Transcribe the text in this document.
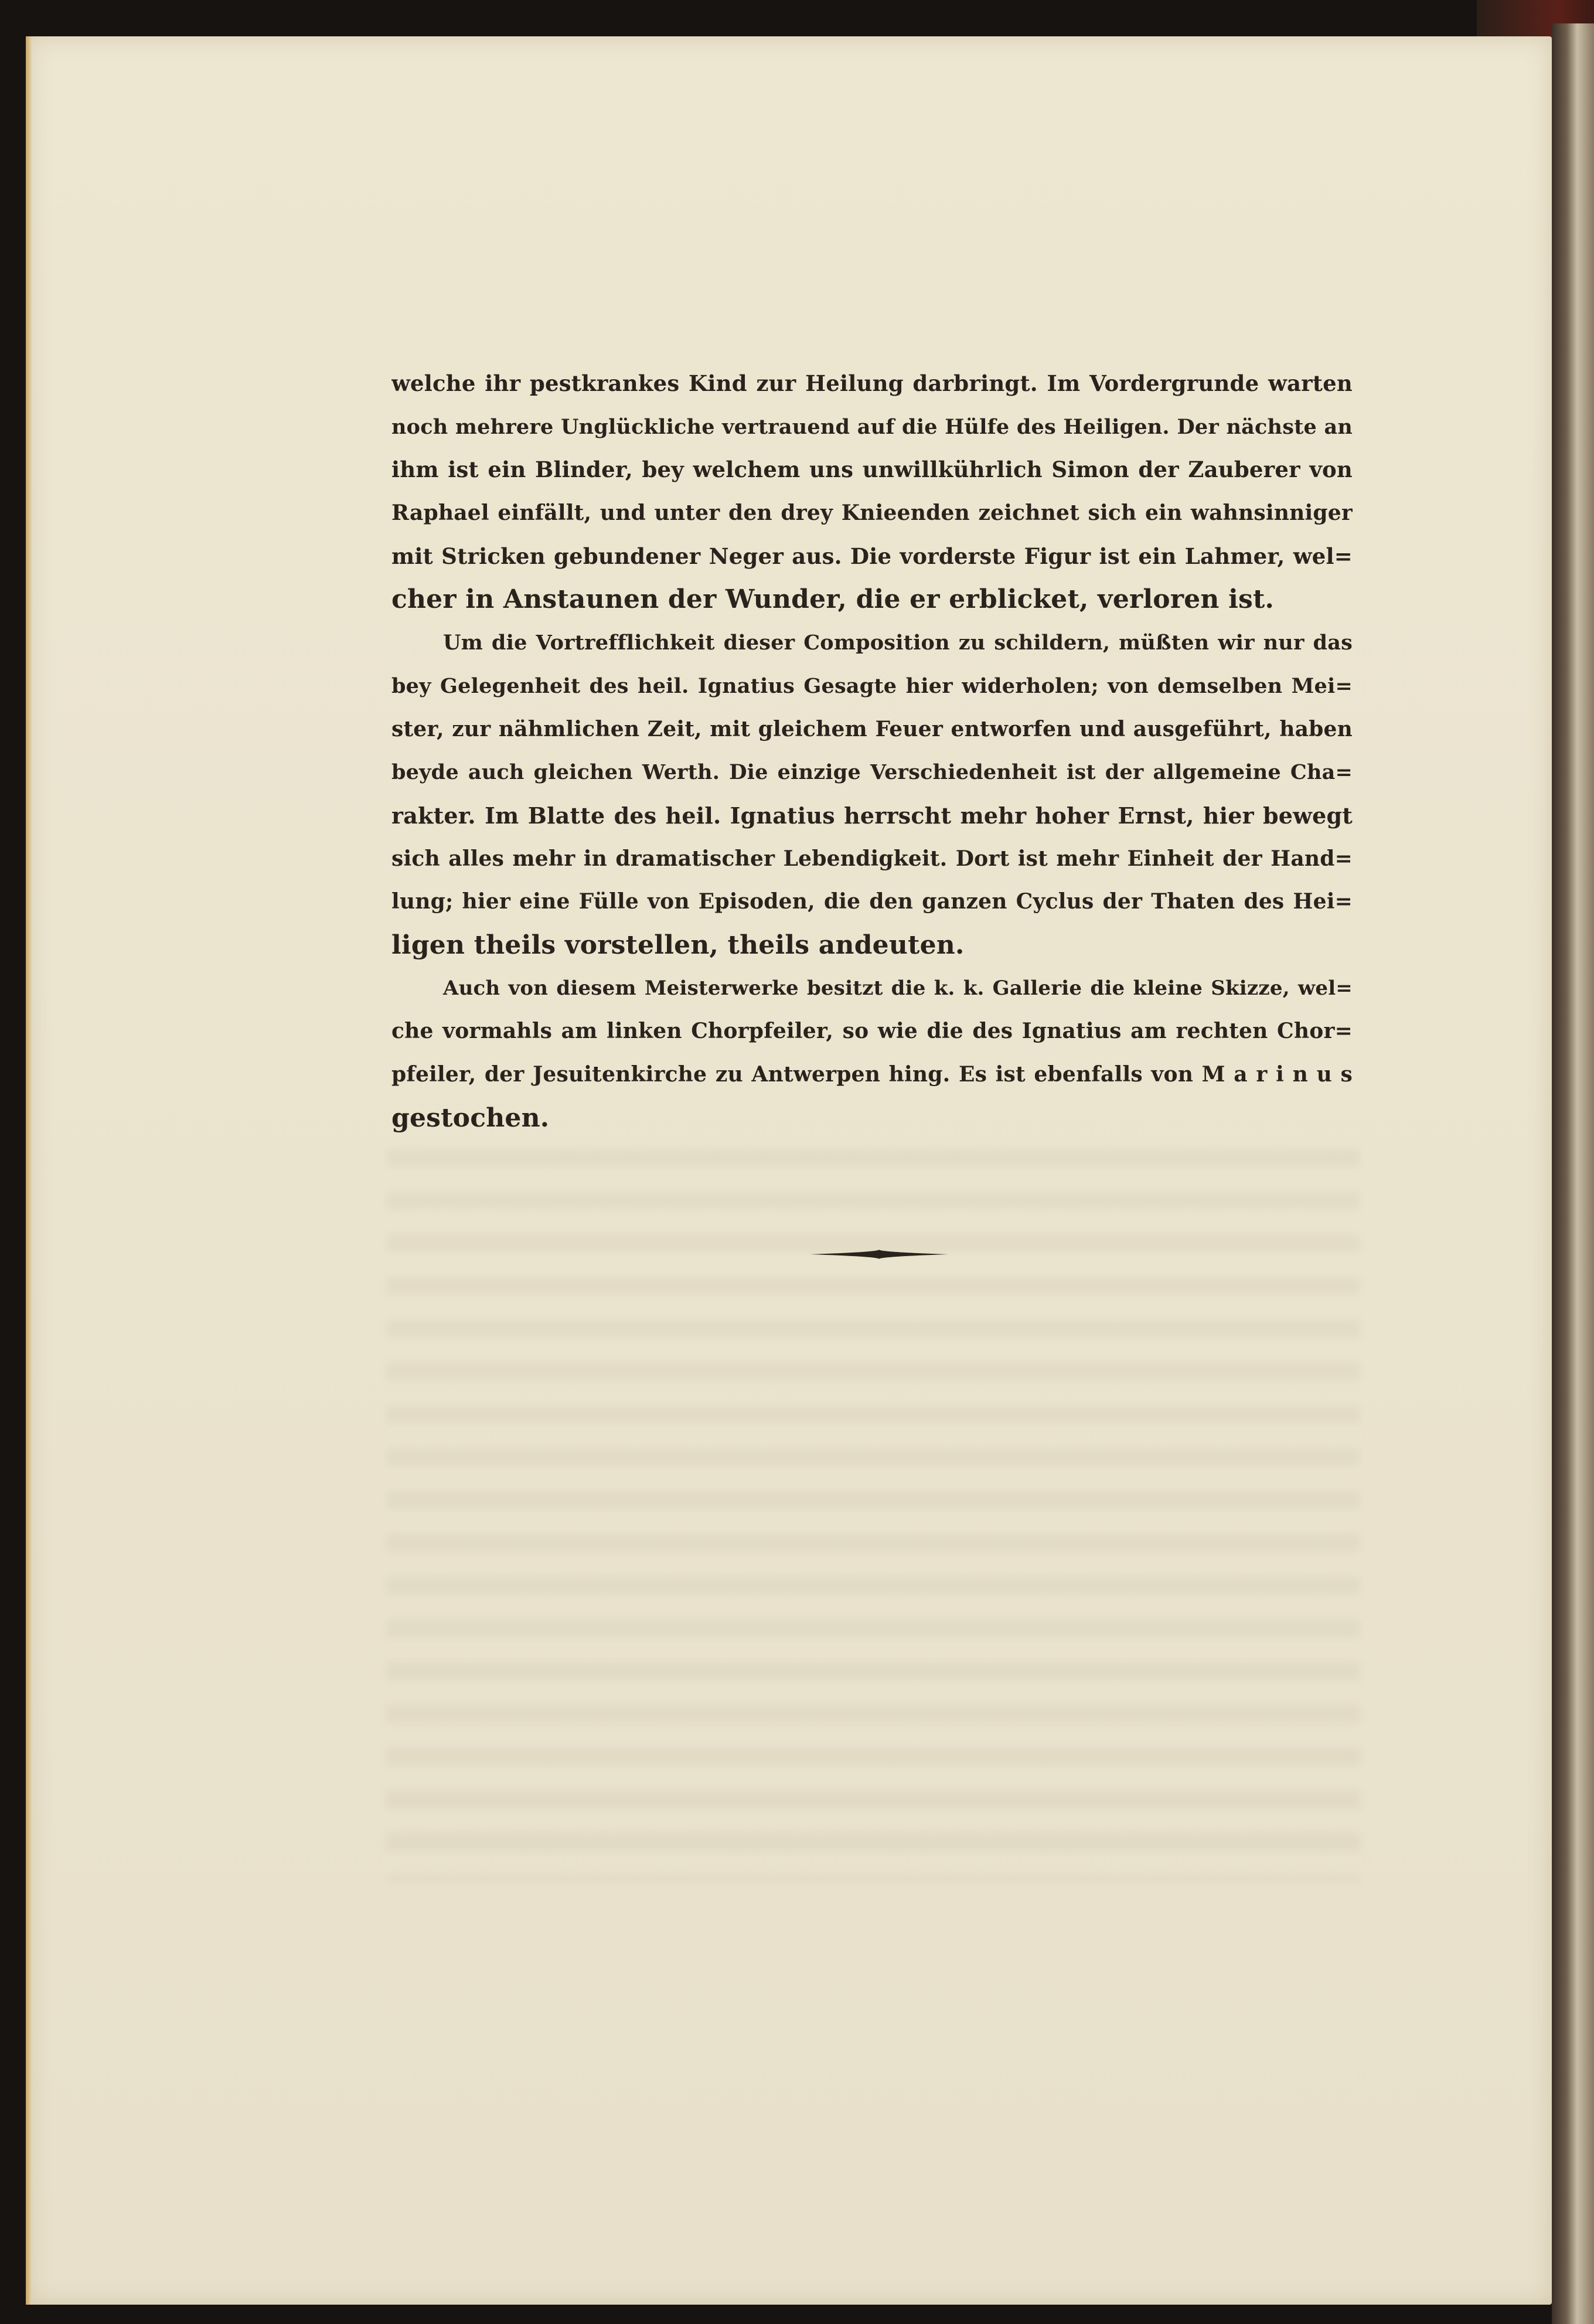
welche ihr pestkrankes Kind zur Heilung darbringt. Im Vordergrunde warten
noch mehrere Unglückliche vertrauend auf die Hülfe des Heiligen. Der nächste an
ihm ist ein Blinder, bey welchem uns unwillkührlich Simon der Zauberer von
Raphael einfällt, und unter den drey Knieenden zeichnet sich ein wahnsinniger
mit Stricken gebundener Neger aus. Die vorderste Figur ist ein Lahmer, wel=
cher in Anstaunen der Wunder, die er erblicket, verloren ist.
Um die Vortrefflichkeit dieser Composition zu schildern, müßten wir nur das
bey Gelegenheit des heil. Ignatius Gesagte hier widerholen; von demselben Mei=
ster, zur nähmlichen Zeit, mit gleichem Feuer entworfen und ausgeführt, haben
beyde auch gleichen Werth. Die einzige Verschiedenheit ist der allgemeine Cha=
rakter. Im Blatte des heil. Ignatius herrscht mehr hoher Ernst, hier bewegt
sich alles mehr in dramatischer Lebendigkeit. Dort ist mehr Einheit der Hand=
lung; hier eine Fülle von Episoden, die den ganzen Cyclus der Thaten des Hei=
ligen theils vorstellen, theils andeuten.
Auch von diesem Meisterwerke besitzt die k. k. Gallerie die kleine Skizze, wel=
che vormahls am linken Chorpfeiler, so wie die des Ignatius am rechten Chor=
pfeiler, der Jesuitenkirche zu Antwerpen hing. Es ist ebenfalls von M a r i n u s
gestochen.
